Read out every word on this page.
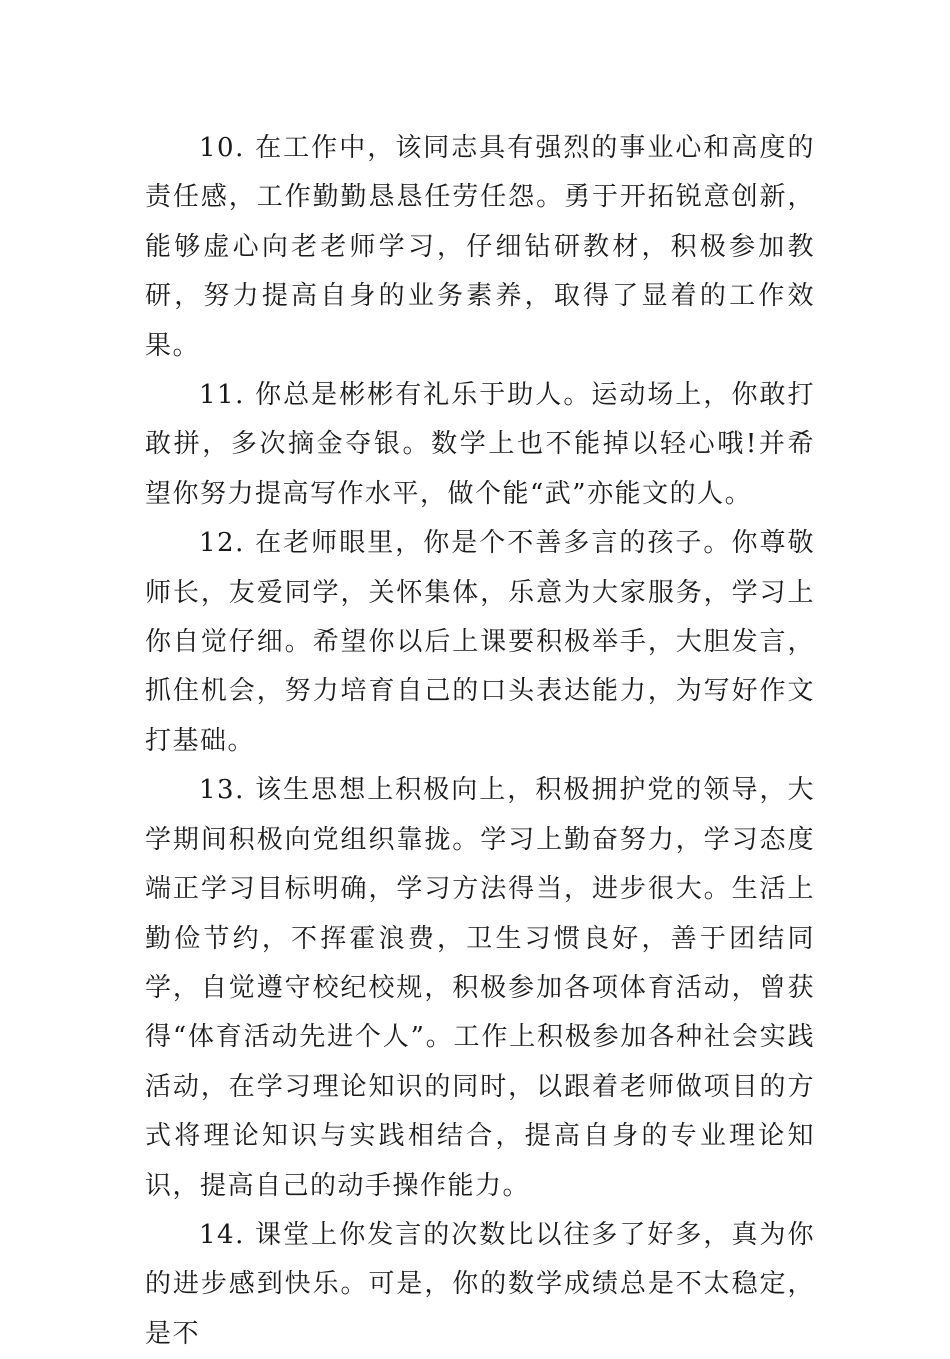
10. 在工作中，该同志具有强烈的事业心和高度的责任感，工作勤勤恳恳任劳任怨。勇于开拓锐意创新，能够虚心向老老师学习，仔细钻研教材，积极参加教研，努力提高自身的业务素养，取得了显着的工作效果。

11. 你总是彬彬有礼乐于助人。运动场上，你敢打敢拼，多次摘金夺银。数学上也不能掉以轻心哦!并希望你努力提高写作水平，做个能“武”亦能文的人。

12. 在老师眼里，你是个不善多言的孩子。你尊敬师长，友爱同学，关怀集体，乐意为大家服务，学习上你自觉仔细。希望你以后上课要积极举手，大胆发言，抓住机会，努力培育自己的口头表达能力，为写好作文打基础。

13. 该生思想上积极向上，积极拥护党的领导，大学期间积极向党组织靠拢。学习上勤奋努力，学习态度端正学习目标明确，学习方法得当，进步很大。生活上勤俭节约，不挥霍浪费，卫生习惯良好，善于团结同学，自觉遵守校纪校规，积极参加各项体育活动，曾获得“体育活动先进个人”。工作上积极参加各种社会实践活动，在学习理论知识的同时，以跟着老师做项目的方式将理论知识与实践相结合，提高自身的专业理论知识，提高自己的动手操作能力。

14. 课堂上你发言的次数比以往多了好多，真为你的进步感到快乐。可是，你的数学成绩总是不太稳定，是不
